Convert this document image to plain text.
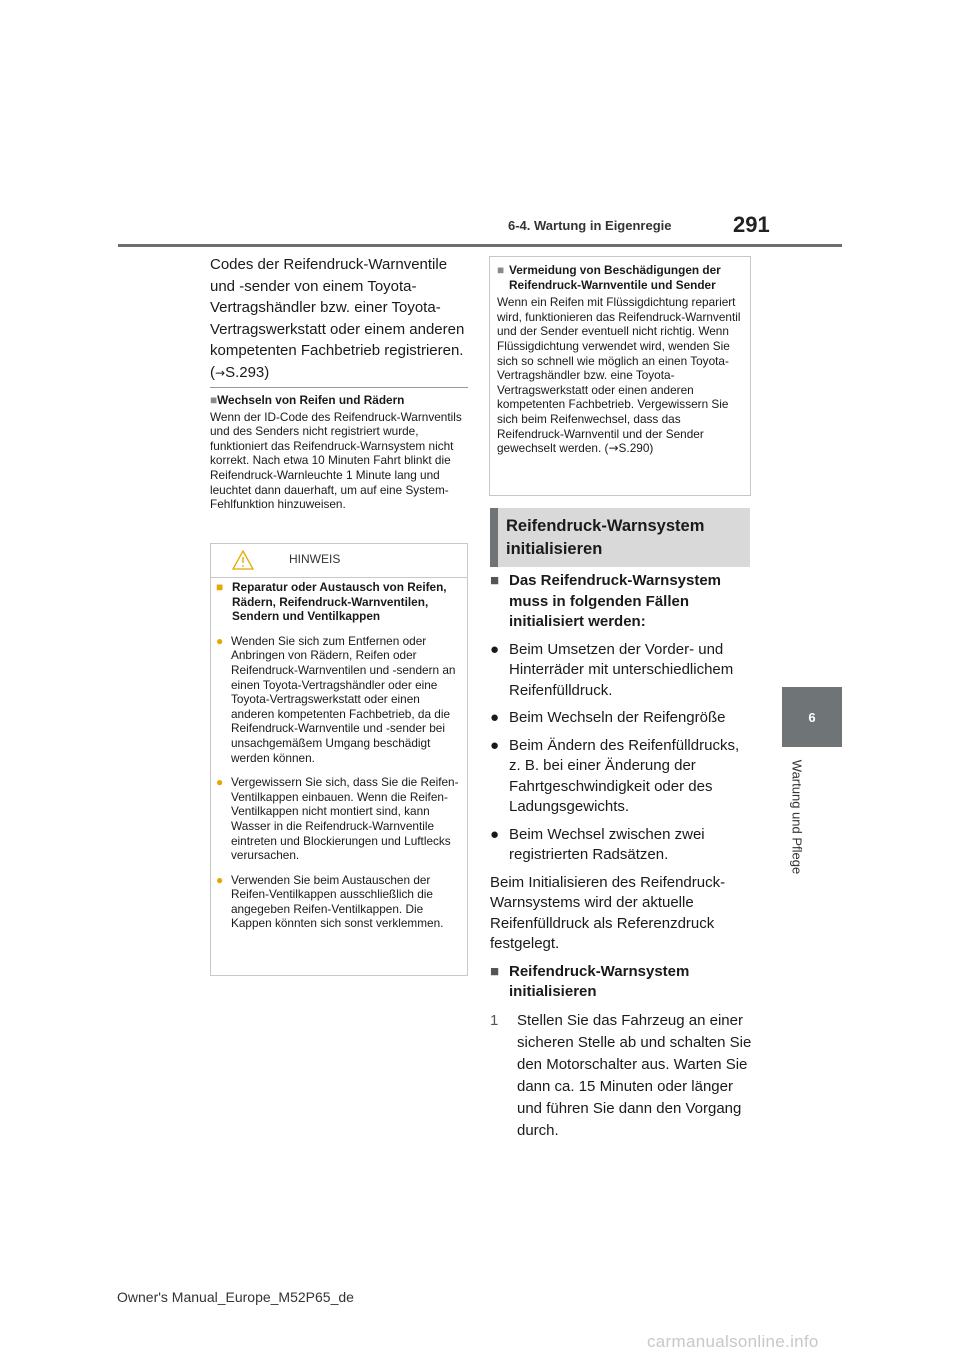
6-4. Wartung in Eigenregie	291
6
Wartung und Pflege
Codes der Reifendruck-Warnventile und -sender von einem Toyota-Vertragshändler bzw. einer Toyota-Vertragswerkstatt oder einem anderen kompetenten Fachbetrieb registrieren.
(→S.293)
■Wechseln von Reifen und Rädern

Wenn der ID-Code des Reifendruck-Warnventils und des Senders nicht registriert wurde, funktioniert das Reifendruck-Warnsystem nicht korrekt. Nach etwa 10 Minuten Fahrt blinkt die Reifendruck-Warnleuchte 1 Minute lang und leuchtet dann dauerhaft, um auf eine System-Fehlfunktion hinzuweisen.

HINWEIS
■ Reparatur oder Austausch von Reifen, Rädern, Reifendruck-Warnventilen, Sendern und Ventilkappen
● Wenden Sie sich zum Entfernen oder Anbringen von Rädern, Reifen oder Reifendruck-Warnventilen und -sendern an einen Toyota-Vertragshändler oder eine Toyota-Vertragswerkstatt oder einen anderen kompetenten Fachbetrieb, da die Reifendruck-Warnventile und -sender bei unsachgemäßem Umgang beschädigt werden können.
● Vergewissern Sie sich, dass Sie die Reifen-Ventilkappen einbauen. Wenn die Reifen-Ventilkappen nicht montiert sind, kann Wasser in die Reifendruck-Warnventile eintreten und Blockierungen und Luftlecks verursachen.
● Verwenden Sie beim Austauschen der Reifen-Ventilkappen ausschließlich die angegeben Reifen-Ventilkappen. Die Kappen könnten sich sonst verklemmen.
■ Vermeidung von Beschädigungen der Reifendruck-Warnventile und Sender

Wenn ein Reifen mit Flüssigdichtung repariert wird, funktionieren das Reifendruck-Warnventil und der Sender eventuell nicht richtig. Wenn Flüssigdichtung verwendet wird, wenden Sie sich so schnell wie möglich an einen Toyota-Vertragshändler bzw. eine Toyota-Vertragswerkstatt oder einen anderen kompetenten Fachbetrieb. Vergewissern Sie sich beim Reifenwechsel, dass das Reifendruck-Warnventil und der Sender gewechselt werden. (→S.290)

Reifendruck-Warnsystem initialisieren
■ Das Reifendruck-Warnsystem muss in folgenden Fällen initialisiert werden:
● Beim Umsetzen der Vorder- und Hinterräder mit unterschiedlichem Reifenfülldruck.
● Beim Wechseln der Reifengröße
● Beim Ändern des Reifenfülldrucks, z. B. bei einer Änderung der Fahrtgeschwindigkeit oder des Ladungsgewichts.
● Beim Wechsel zwischen zwei registrierten Radsätzen.
Beim Initialisieren des Reifendruck-Warnsystems wird der aktuelle Reifenfülldruck als Referenzdruck festgelegt.
■ Reifendruck-Warnsystem initialisieren
1	Stellen Sie das Fahrzeug an einer sicheren Stelle ab und schalten Sie den Motorschalter aus. Warten Sie dann ca. 15 Minuten oder länger und führen Sie dann den Vorgang durch.
Owner's Manual_Europe_M52P65_de
carmanualsonline.info
